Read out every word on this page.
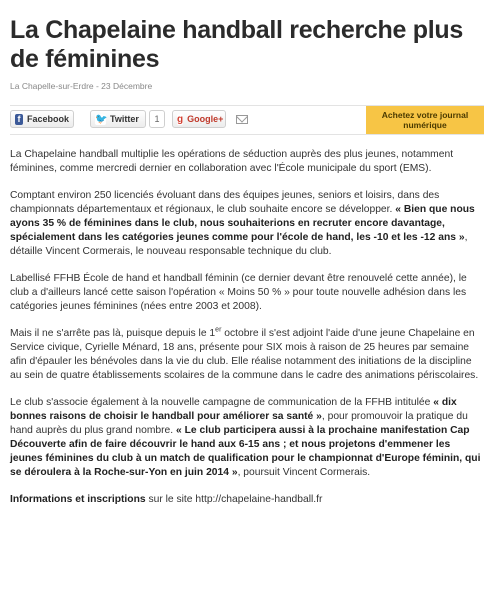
La Chapelaine handball recherche plus de féminines
La Chapelle-sur-Erdre - 23 Décembre
f Facebook	🐦 Twitter	1	g Google+	Achetez votre journal numérique

La Chapelaine handball multiplie les opérations de séduction auprès des plus jeunes, notamment féminines, comme mercredi dernier en collaboration avec l'École municipale du sport (EMS).

Comptant environ 250 licenciés évoluant dans des équipes jeunes, seniors et loisirs, dans des championnats départementaux et régionaux, le club souhaite encore se développer. « Bien que nous ayons 35 % de féminines dans le club, nous souhaiterions en recruter encore davantage, spécialement dans les catégories jeunes comme pour l'école de hand, les -10 et les -12 ans », détaille Vincent Cormerais, le nouveau responsable technique du club.

Labellisé FFHB École de hand et handball féminin (ce dernier devant être renouvelé cette année), le club a d'ailleurs lancé cette saison l'opération « Moins 50 % » pour toute nouvelle adhésion dans les catégories jeunes féminines (nées entre 2003 et 2008).

Mais il ne s'arrête pas là, puisque depuis le 1er octobre il s'est adjoint l'aide d'une jeune Chapelaine en Service civique, Cyrielle Ménard, 18 ans, présente pour SIX mois à raison de 25 heures par semaine afin d'épauler les bénévoles dans la vie du club. Elle réalise notamment des initiations de la discipline au sein de quatre établissements scolaires de la commune dans le cadre des animations périscolaires.

Le club s'associe également à la nouvelle campagne de communication de la FFHB intitulée « dix bonnes raisons de choisir le handball pour améliorer sa santé », pour promouvoir la pratique du hand auprès du plus grand nombre. « Le club participera aussi à la prochaine manifestation Cap Découverte afin de faire découvrir le hand aux 6-15 ans ; et nous projetons d'emmener les jeunes féminines du club à un match de qualification pour le championnat d'Europe féminin, qui se déroulera à la Roche-sur-Yon en juin 2014 », poursuit Vincent Cormerais.

Informations et inscriptions sur le site http://chapelaine-handball.fr
